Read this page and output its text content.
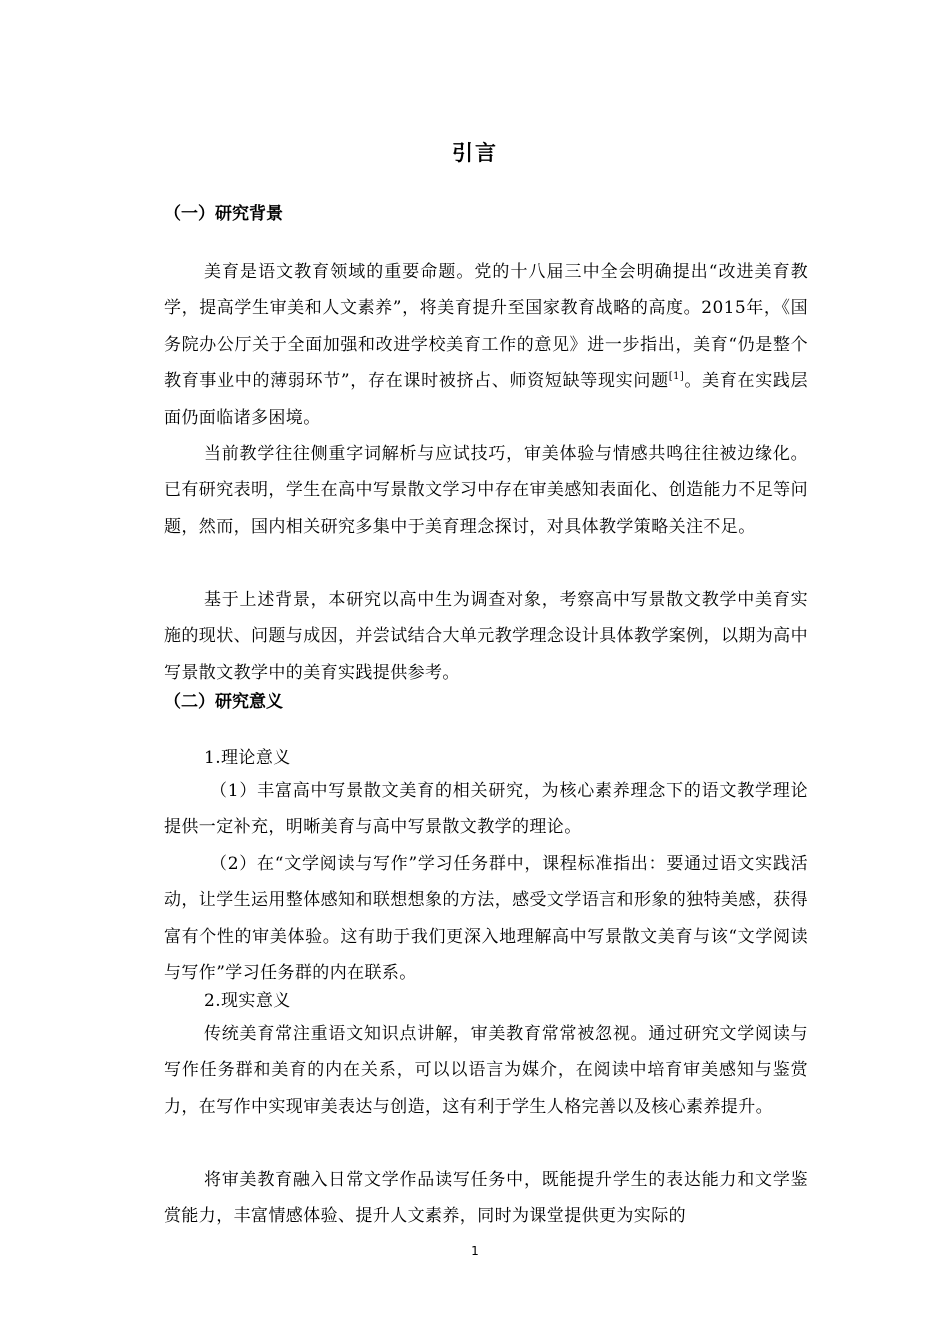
引言
（一）研究背景

美育是语文教育领域的重要命题。党的十八届三中全会明确提出“改进美育教学，提高学生审美和人文素养”，将美育提升至国家教育战略的高度。2015年，《国务院办公厅关于全面加强和改进学校美育工作的意见》进一步指出，美育“仍是整个教育事业中的薄弱环节”，存在课时被挤占、师资短缺等现实问题[1]。美育在实践层面仍面临诸多困境。

当前教学往往侧重字词解析与应试技巧，审美体验与情感共鸣往往被边缘化。已有研究表明，学生在高中写景散文学习中存在审美感知表面化、创造能力不足等问题，然而，国内相关研究多集中于美育理念探讨，对具体教学策略关注不足。

基于上述背景，本研究以高中生为调查对象，考察高中写景散文教学中美育实施的现状、问题与成因，并尝试结合大单元教学理念设计具体教学案例，以期为高中写景散文教学中的美育实践提供参考。

（二）研究意义
1.理论意义

（1）丰富高中写景散文美育的相关研究，为核心素养理念下的语文教学理论提供一定补充，明晰美育与高中写景散文教学的理论。

（2）在“文学阅读与写作”学习任务群中，课程标准指出：要通过语文实践活动，让学生运用整体感知和联想想象的方法，感受文学语言和形象的独特美感，获得富有个性的审美体验。这有助于我们更深入地理解高中写景散文美育与该“文学阅读与写作”学习任务群的内在联系。

2.现实意义

传统美育常注重语文知识点讲解，审美教育常常被忽视。通过研究文学阅读与写作任务群和美育的内在关系，可以以语言为媒介，在阅读中培育审美感知与鉴赏力，在写作中实现审美表达与创造，这有利于学生人格完善以及核心素养提升。

将审美教育融入日常文学作品读写任务中，既能提升学生的表达能力和文学鉴赏能力，丰富情感体验、提升人文素养，同时为课堂提供更为实际的

1
